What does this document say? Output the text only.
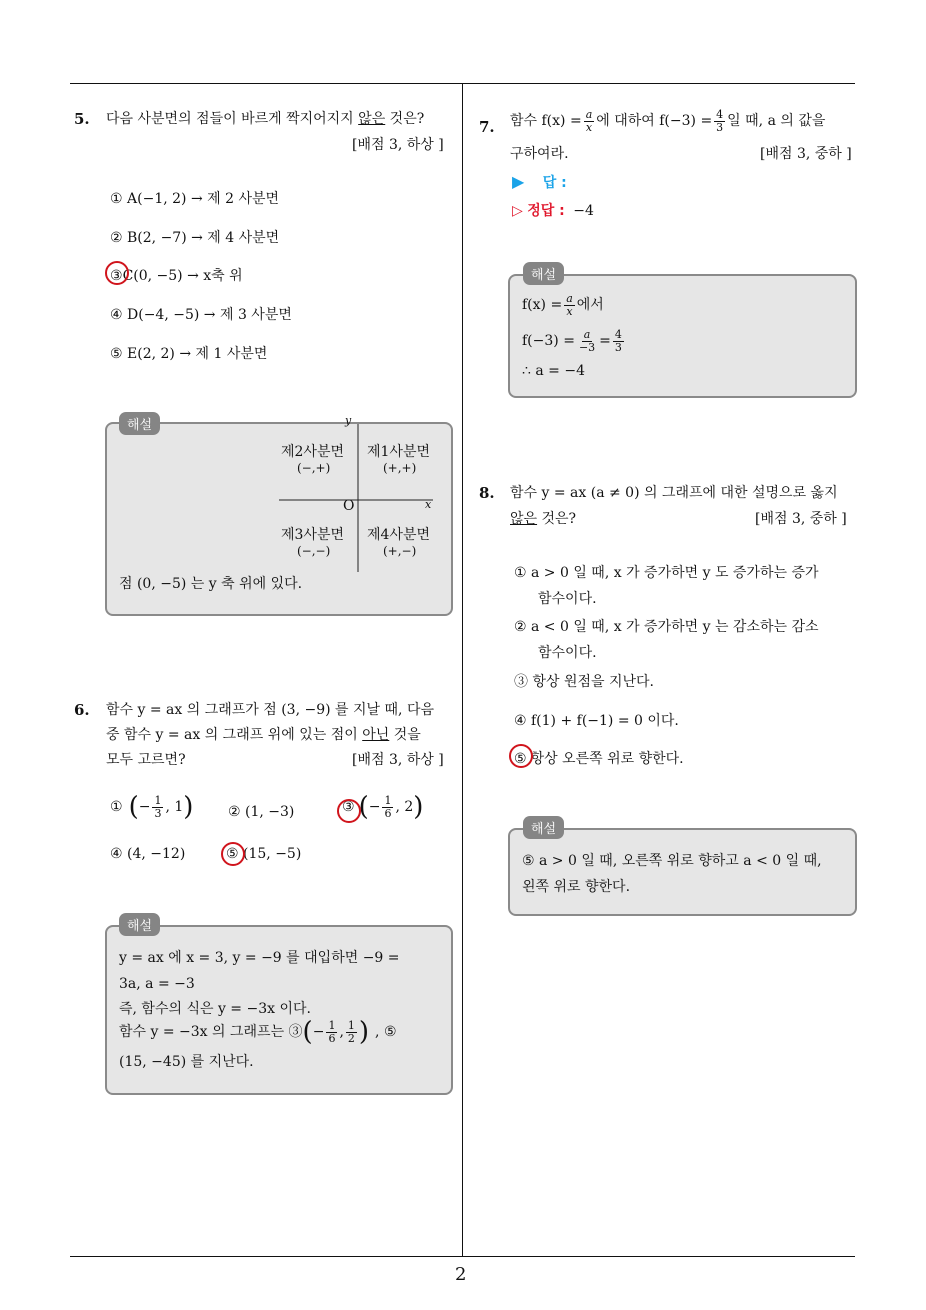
2
5. 다음 사분면의 점들이 바르게 짝지어지지 않은 것은?
[배점 3, 하상 ]
① A(−1, 2) → 제 2 사분면
② B(2, −7) → 제 4 사분면
③C(0, −5) → x축 위
④ D(−4, −5) → 제 3 사분면
⑤ E(2, 2) → 제 1 사분면
y
x
O
제2사분면
(−,+)
제1사분면
(+,+)
제3사분면
(−,−)
제4사분면
(+,−)
점 (0, −5) 는 y 축 위에 있다.
해설
6. 함수 y = ax 의 그래프가 점 (3, −9) 를 지날 때, 다음
중 함수 y = ax 의 그래프 위에 있는 점이 아닌 것을
모두 고르면?	[배점 3, 하상 ]
① ( − $\frac{1}{3}$ , 1 ) ② (1, −3)	③ ( − $\frac{1}{6}$ , 2 )
④ (4, −12)	⑤ (15, −5)
y = ax 에 x = 3, y = −9 를 대입하면 −9 =
3a, a = −3
즉, 함수의 식은 y = −3x 이다.
함수 y = −3x 의 그래프는 ③ ( − $\frac{1}{6}$ , $\frac{1}{2}$ ) , ⑤
(15, −45) 를 지난다.
해설
7. 함수 $f(x) = \frac{a}{x}$ 에 대하여 $f(-3) = \frac{4}{3}$ 일 때, a 의 값을
구하여라.	[배점 3, 중하 ]
▶ 답 :
▷ 정답 : −4
$f(x) = \frac{a}{x}$ 에서
$f(-3) = \frac{a}{-3} = \frac{4}{3}$
∴ a = −4
해설
8. 함수 y = ax (a ≠ 0) 의 그래프에 대한 설명으로 옳지
않은 것은?	[배점 3, 중하 ]
① a > 0 일 때, x 가 증가하면 y 도 증가하는 증가
함수이다.
② a < 0 일 때, x 가 증가하면 y 는 감소하는 감소
함수이다.
③ 항상 원점을 지난다.
④ f(1) + f(−1) = 0 이다.
⑤ 항상 오른쪽 위로 향한다.
⑤ a > 0 일 때, 오른쪽 위로 향하고 a < 0 일 때,
왼쪽 위로 향한다.
해설
